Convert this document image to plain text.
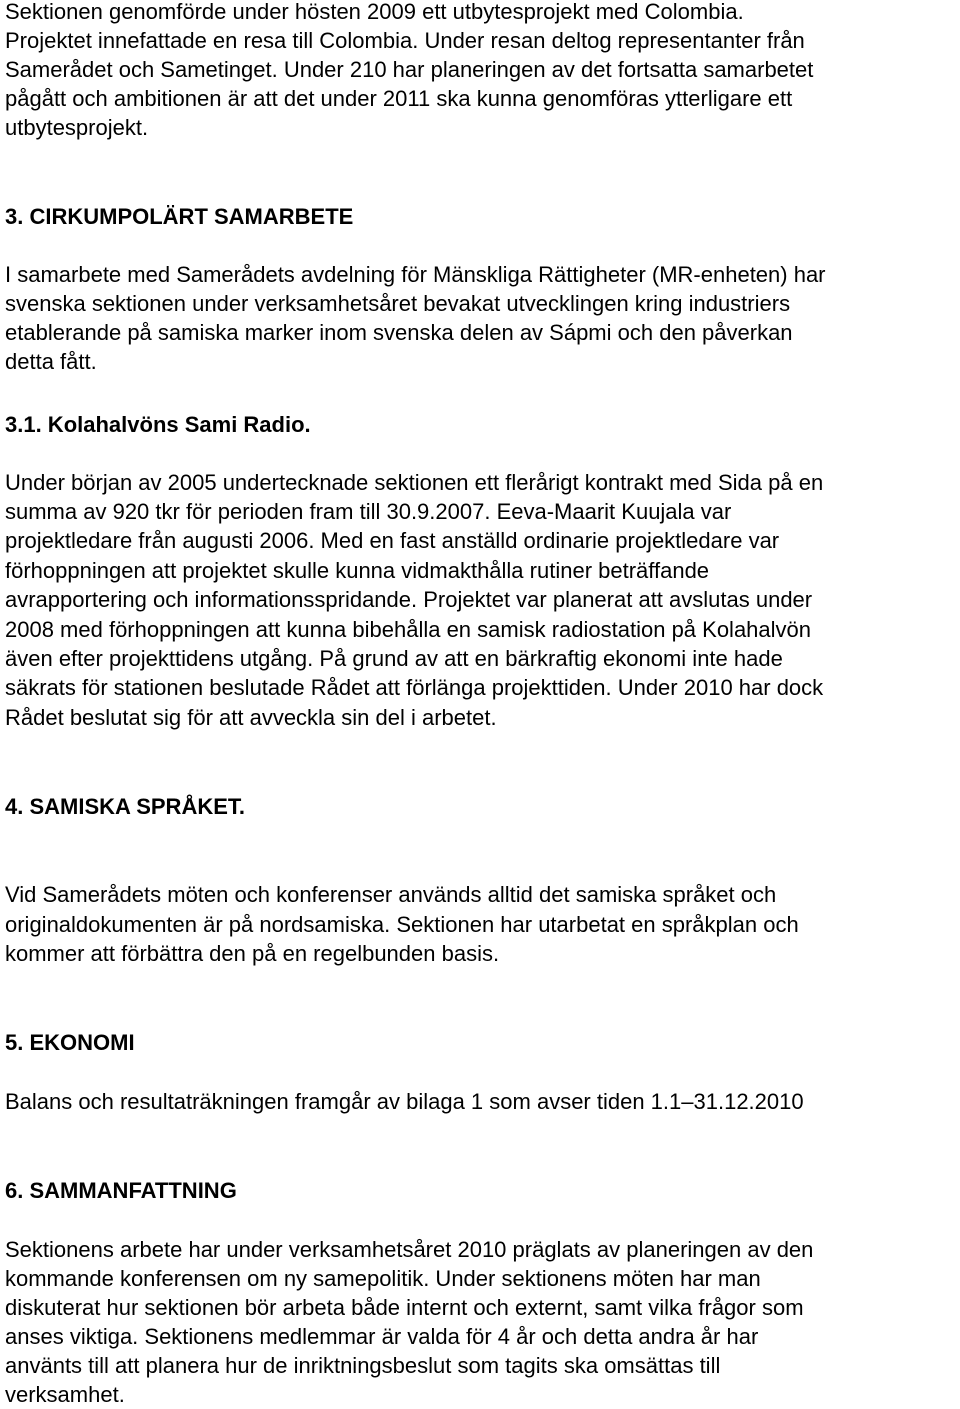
Sektionen genomförde under hösten 2009 ett utbytesprojekt med Colombia.
Projektet innefattade en resa till Colombia. Under resan deltog representanter från
Samerådet och Sametinget. Under 210 har planeringen av det fortsatta samarbetet
pågått och ambitionen är att det under 2011 ska kunna genomföras ytterligare ett
utbytesprojekt.
3. CIRKUMPOLÄRT SAMARBETE
I samarbete med Samerådets avdelning för Mänskliga Rättigheter (MR-enheten) har
svenska sektionen under verksamhetsåret bevakat utvecklingen kring industriers
etablerande på samiska marker inom svenska delen av Sápmi och den påverkan
detta fått.
3.1. Kolahalvöns Sami Radio.
Under början av 2005 undertecknade sektionen ett flerårigt kontrakt med Sida på en
summa av 920 tkr för perioden fram till 30.9.2007. Eeva-Maarit Kuujala var
projektledare från augusti 2006. Med en fast anställd ordinarie projektledare var
förhoppningen att projektet skulle kunna vidmakthålla rutiner beträffande
avrapportering och informationsspridande. Projektet var planerat att avslutas under
2008 med förhoppningen att kunna bibehålla en samisk radiostation på Kolahalvön
även efter projekttidens utgång. På grund av att en bärkraftig ekonomi inte hade
säkrats för stationen beslutade Rådet att förlänga projekttiden. Under 2010 har dock
Rådet beslutat sig för att avveckla sin del i arbetet.
4. SAMISKA SPRÅKET.
Vid Samerådets möten och konferenser används alltid det samiska språket och
originaldokumenten är på nordsamiska. Sektionen har utarbetat en språkplan och
kommer att förbättra den på en regelbunden basis.
5. EKONOMI
Balans och resultaträkningen framgår av bilaga 1 som avser tiden 1.1–31.12.2010
6. SAMMANFATTNING
Sektionens arbete har under verksamhetsåret 2010 präglats av planeringen av den
kommande konferensen om ny samepolitik. Under sektionens möten har man
diskuterat hur sektionen bör arbeta både internt och externt, samt vilka frågor som
anses viktiga. Sektionens medlemmar är valda för 4 år och detta andra år har
använts till att planera hur de inriktningsbeslut som tagits ska omsättas till
verksamhet.
